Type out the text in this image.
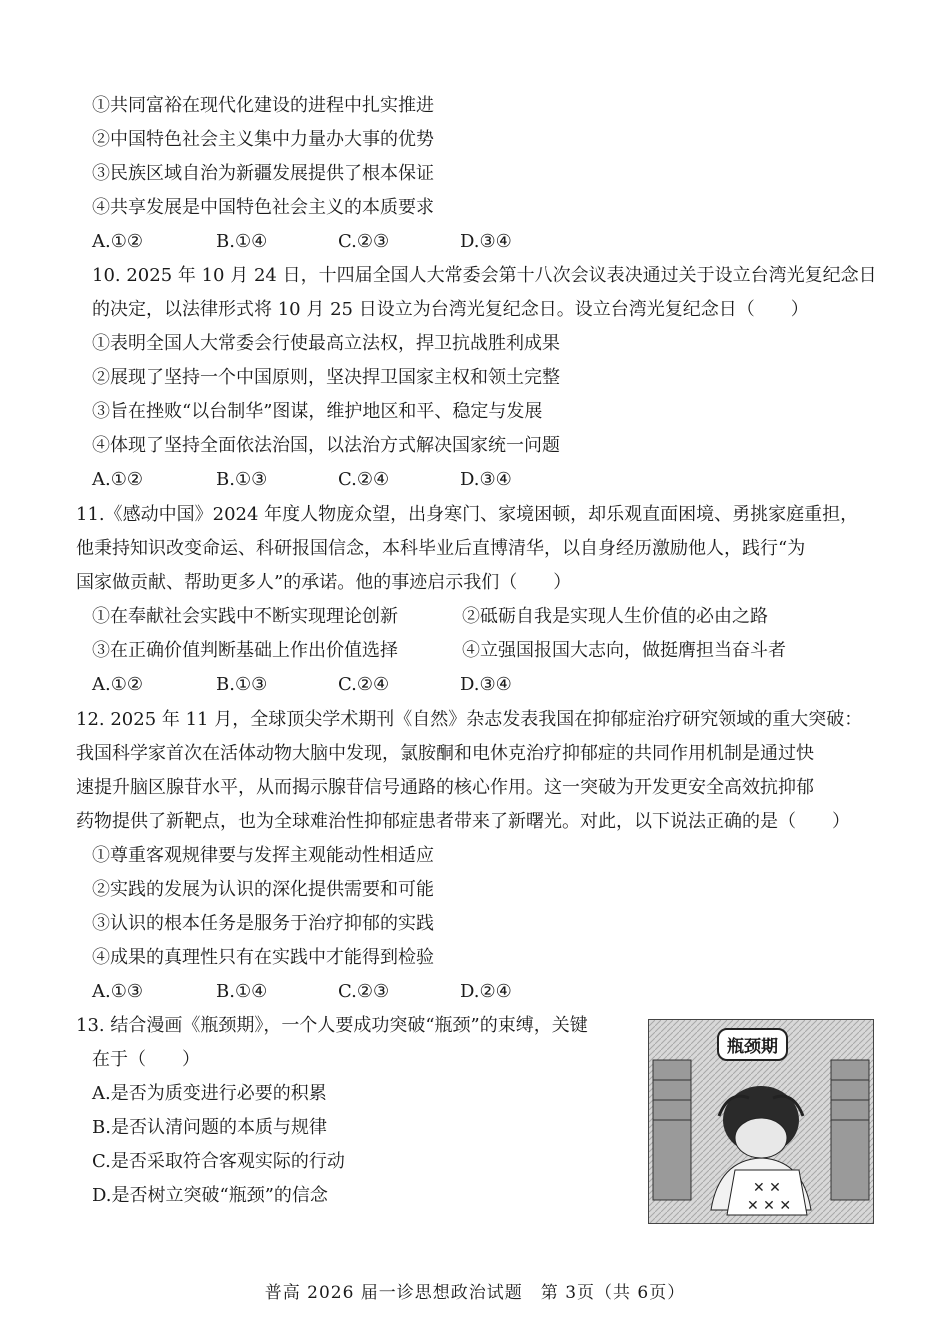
①共同富裕在现代化建设的进程中扎实推进
②中国特色社会主义集中力量办大事的优势
③民族区域自治为新疆发展提供了根本保证
④共享发展是中国特色社会主义的本质要求
A.①②	B.①④	C.②③	D.③④
10. 2025 年 10 月 24 日，十四届全国人大常委会第十八次会议表决通过关于设立台湾光复纪念日
的决定，以法律形式将 10 月 25 日设立为台湾光复纪念日。设立台湾光复纪念日（　　）
①表明全国人大常委会行使最高立法权，捍卫抗战胜利成果
②展现了坚持一个中国原则，坚决捍卫国家主权和领土完整
③旨在挫败“以台制华”图谋，维护地区和平、稳定与发展
④体现了坚持全面依法治国，以法治方式解决国家统一问题
A.①②	B.①③	C.②④	D.③④
11.《感动中国》2024 年度人物庞众望，出身寒门、家境困顿，却乐观直面困境、勇挑家庭重担，
他秉持知识改变命运、科研报国信念，本科毕业后直博清华，以自身经历激励他人，践行“为
国家做贡献、帮助更多人”的承诺。他的事迹启示我们（　　）
①在奉献社会实践中不断实现理论创新	②砥砺自我是实现人生价值的必由之路
③在正确价值判断基础上作出价值选择	④立强国报国大志向，做挺膺担当奋斗者
A.①②	B.①③	C.②④	D.③④
12. 2025 年 11 月，全球顶尖学术期刊《自然》杂志发表我国在抑郁症治疗研究领域的重大突破：
我国科学家首次在活体动物大脑中发现，氯胺酮和电休克治疗抑郁症的共同作用机制是通过快
速提升脑区腺苷水平，从而揭示腺苷信号通路的核心作用。这一突破为开发更安全高效抗抑郁
药物提供了新靶点，也为全球难治性抑郁症患者带来了新曙光。对此，以下说法正确的是（　　）
①尊重客观规律要与发挥主观能动性相适应
②实践的发展为认识的深化提供需要和可能
③认识的根本任务是服务于治疗抑郁的实践
④成果的真理性只有在实践中才能得到检验
A.①③	B.①④	C.②③	D.②④
13. 结合漫画《瓶颈期》，一个人要成功突破“瓶颈”的束缚，关键
在于（　　）
A.是否为质变进行必要的积累
B.是否认清问题的本质与规律
C.是否采取符合客观实际的行动
D.是否树立突破“瓶颈”的信念	✕ ✕
✕ ✕ ✕
瓶颈期
普高 2026 届一诊思想政治试题　第 3页（共 6页）
